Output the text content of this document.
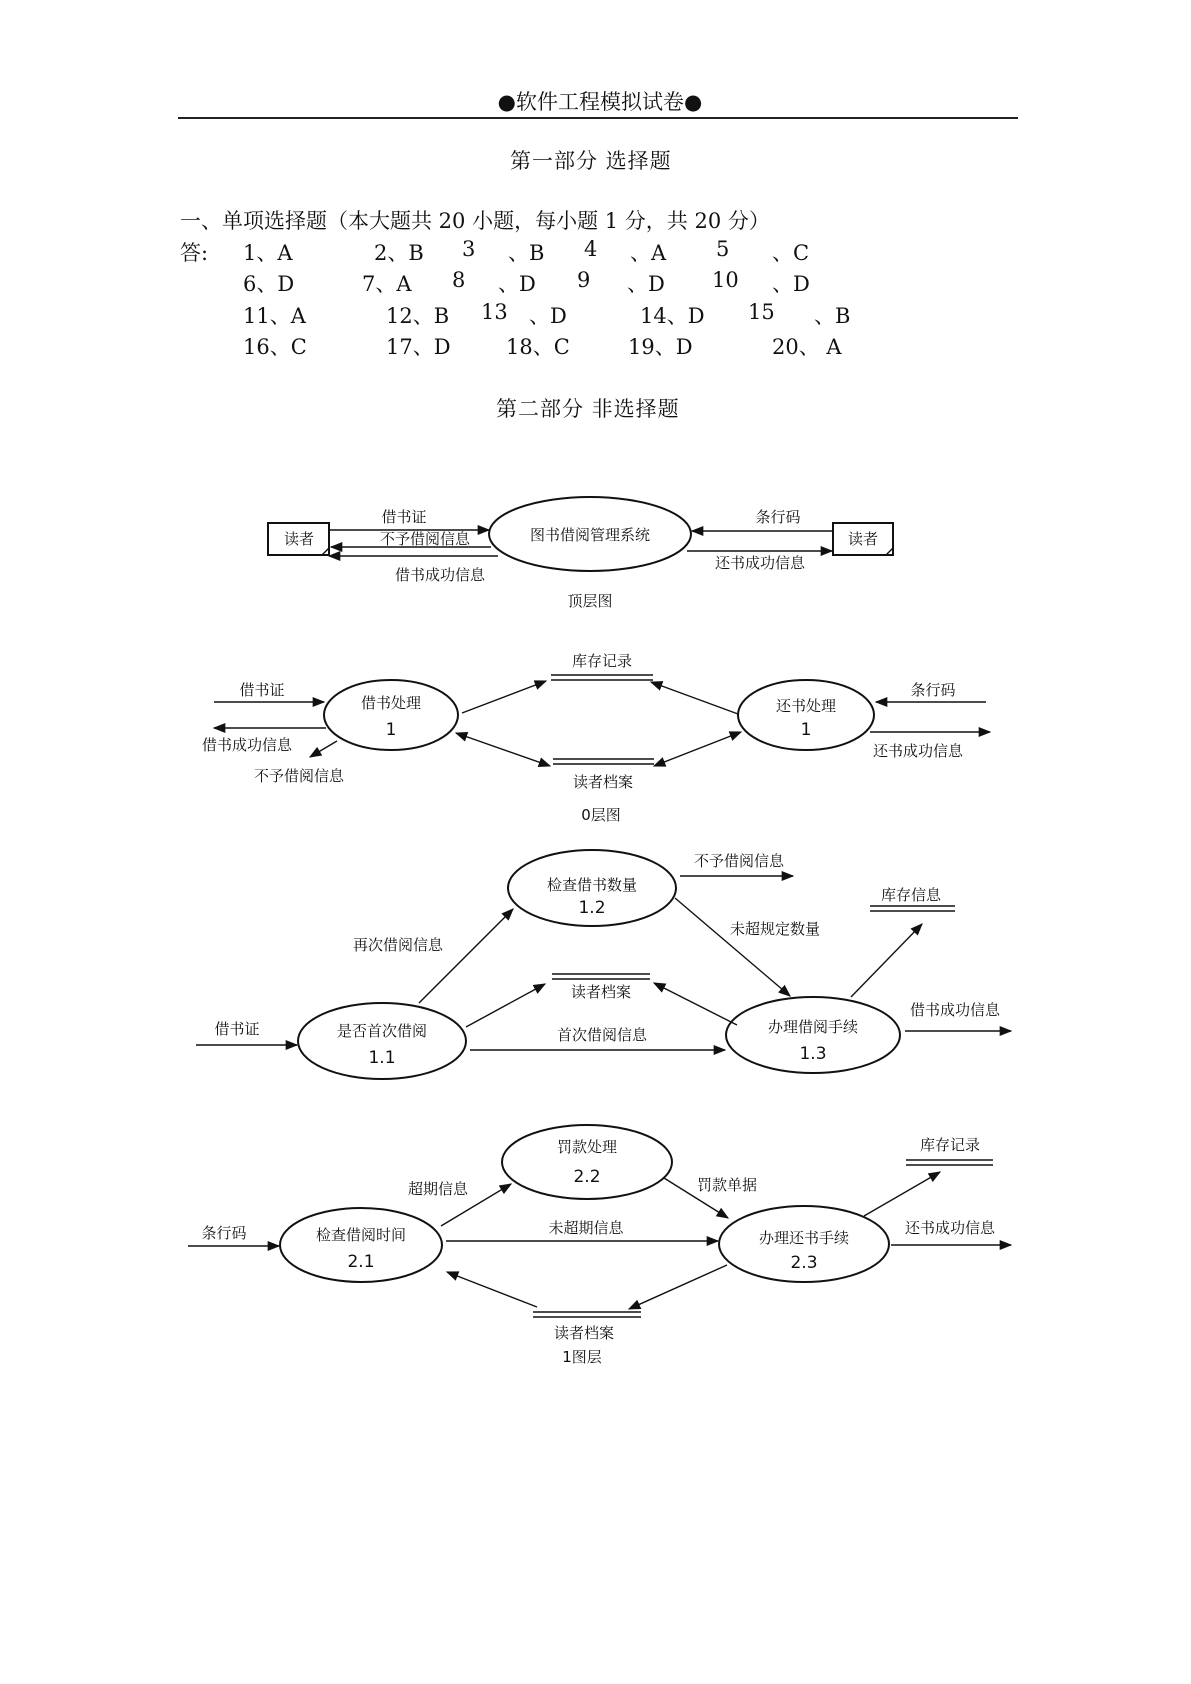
●软件工程模拟试卷●
第一部分 选择题
一、单项选择题（本大题共 20 小题，每小题 1 分，共 20 分）
答: 1、A	2、B 3 、B 4 、A 5 、C
6、D	7、A 8 、D 9 、D 10 、D
11、A	12、B 13 、D	14、D 15 、B
16、C	17、D	18、C	19、D	20、 A
第二部分 非选择题
读者	读者
图书借阅管理系统
借书证
不予借阅信息
借书成功信息
条行码
还书成功信息
顶层图
借书处理
1
还书处理
1
库存记录
读者档案
借书证
借书成功信息
不予借阅信息
条行码
还书成功信息
0层图
是否首次借阅
1.1
检查借书数量
1.2
办理借阅手续
1.3
不予借阅信息
库存信息
未超规定数量
再次借阅信息
读者档案
首次借阅信息
借书证
借书成功信息
检查借阅时间
2.1
罚款处理
2.2
办理还书手续
2.3
库存记录
超期信息	罚款单据
条行码	未超期信息	还书成功信息
读者档案
1图层
